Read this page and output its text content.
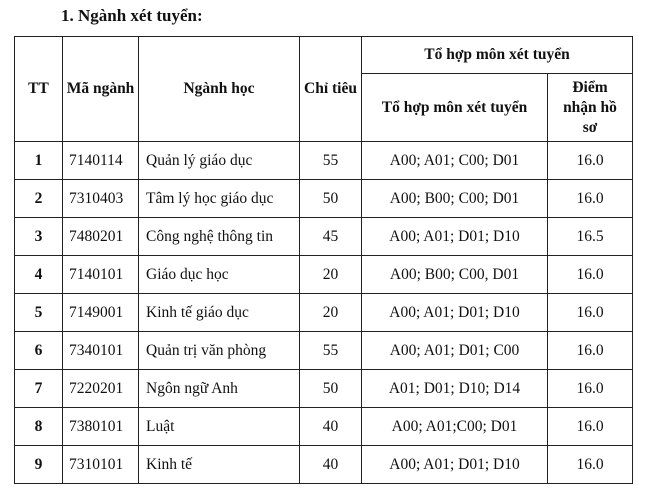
1. Ngành xét tuyển:
TT	Mã ngành	Ngành học	Chỉ tiêu	Tổ hợp môn xét tuyển	
				Tổ hợp môn xét tuyển	Điểm nhận hồ sơ
1	7140114	Quản lý giáo dục	55	A00; A01; C00; D01	16.0
2	7310403	Tâm lý học giáo dục	50	A00; B00; C00; D01	16.0
3	7480201	Công nghệ thông tin	45	A00; A01; D01; D10	16.5
4	7140101	Giáo dục học	20	A00; B00; C00, D01	16.0
5	7149001	Kinh tế giáo dục	20	A00; A01; D01; D10	16.0
6	7340101	Quản trị văn phòng	55	A00; A01; D01; C00	16.0
7	7220201	Ngôn ngữ Anh	50	A01; D01; D10; D14	16.0
8	7380101	Luật	40	A00; A01;C00; D01	16.0
9	7310101	Kinh tế	40	A00; A01; D01; D10	16.0
